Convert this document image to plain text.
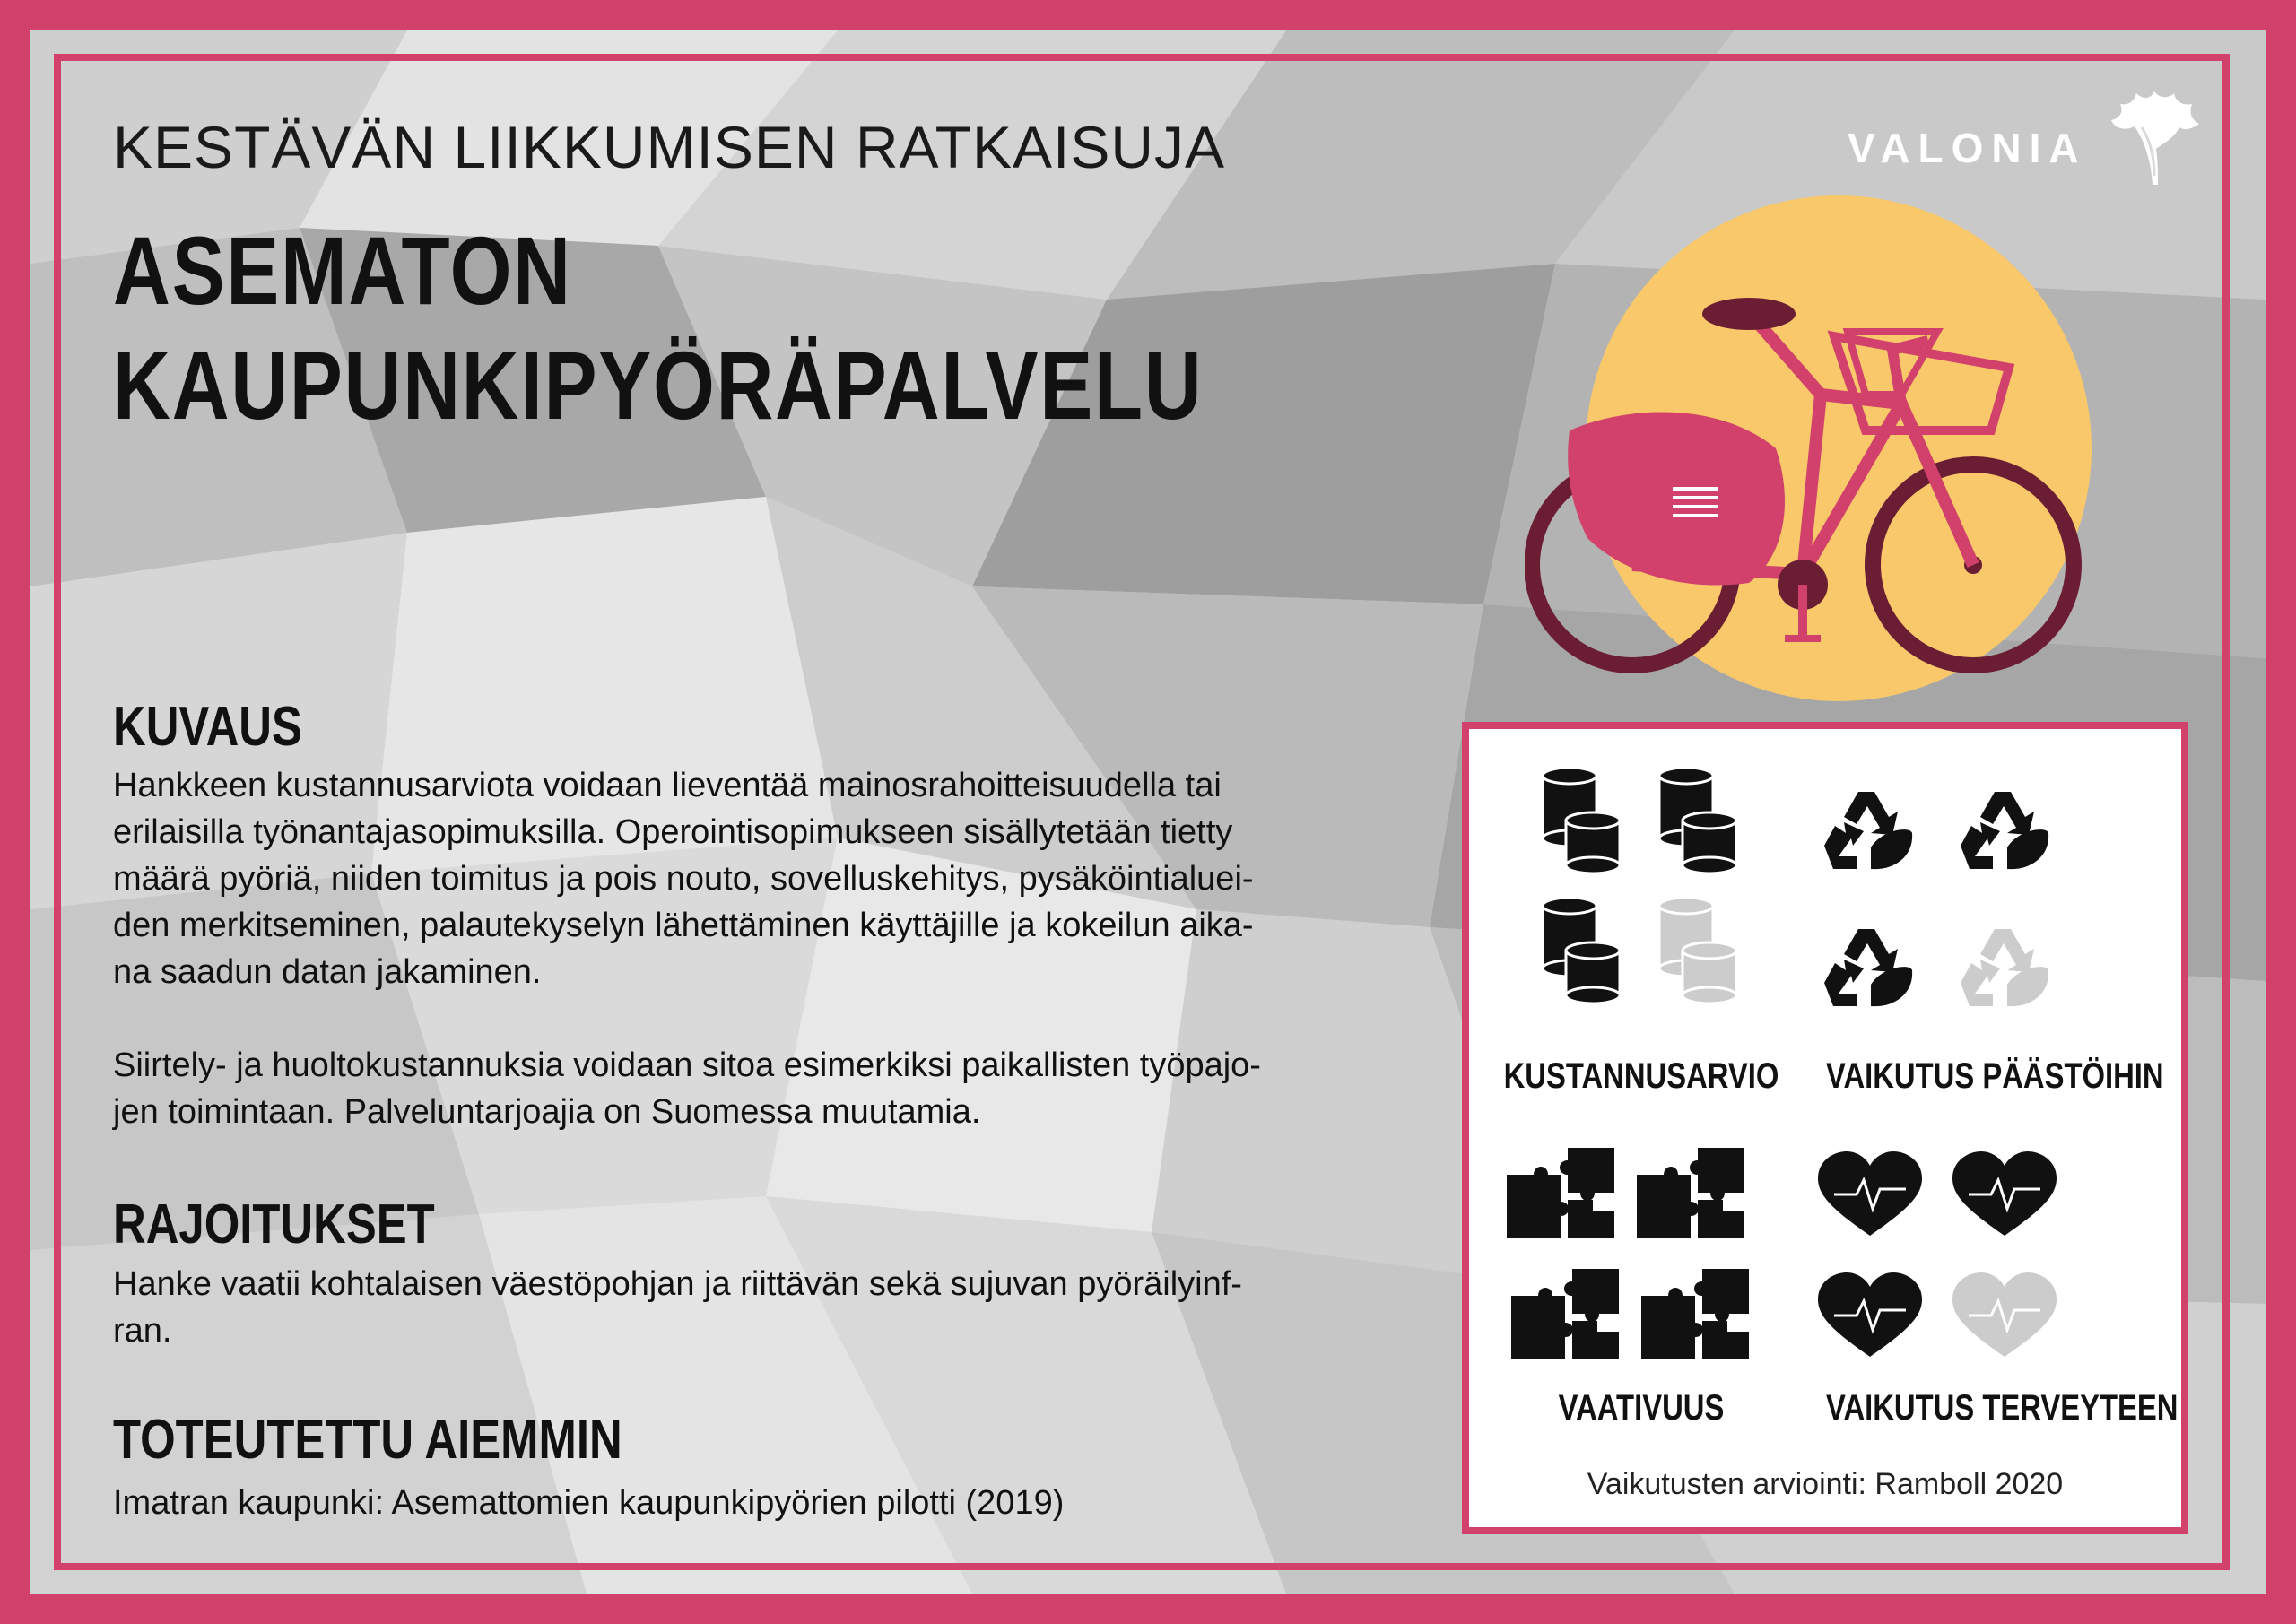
KESTÄVÄN LIIKKUMISEN RATKAISUJA
ASEMATON
KAUPUNKIPYÖRÄPALVELU
VALONIA
KUVAUS
Hankkeen kustannusarviota voidaan lieventää mainosrahoitteisuudella tai
erilaisilla työnantajasopimuksilla. Operointisopimukseen sisällytetään tietty
määrä pyöriä, niiden toimitus ja pois nouto, sovelluskehitys, pysäköintialuei-
den merkitseminen, palautekyselyn lähettäminen käyttäjille ja kokeilun aika-
na saadun datan jakaminen.

Siirtely- ja huoltokustannuksia voidaan sitoa esimerkiksi paikallisten työpajo-
jen toimintaan. Palveluntarjoajia on Suomessa muutamia.
RAJOITUKSET
Hanke vaatii kohtalaisen väestöpohjan ja riittävän sekä sujuvan pyöräilyinf-
ran.
TOTEUTETTU AIEMMIN
Imatran kaupunki: Asemattomien kaupunkipyörien pilotti (2019)
KUSTANNUSARVIO VAIKUTUS PÄÄSTÖIHIN
VAATIVUUS	VAIKUTUS TERVEYTEEN
Vaikutusten arviointi: Ramboll 2020
